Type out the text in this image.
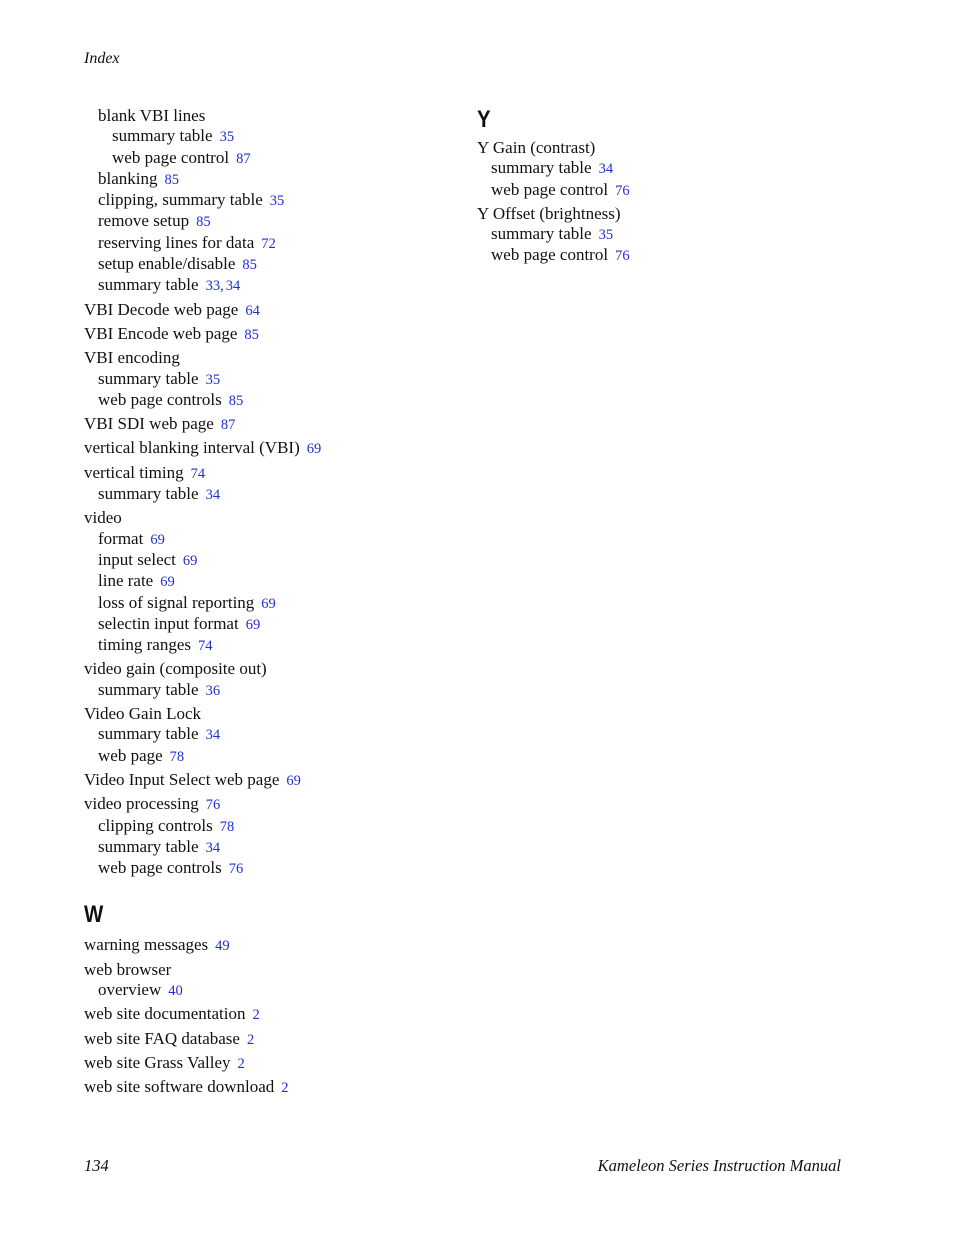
Index
blank VBI lines
summary table 35
web page control 87
blanking 85
clipping, summary table 35
remove setup 85
reserving lines for data 72
setup enable/disable 85
summary table 33, 34
VBI Decode web page 64
VBI Encode web page 85
VBI encoding
summary table 35
web page controls 85
VBI SDI web page 87
vertical blanking interval (VBI) 69
vertical timing 74
summary table 34
video
format 69
input select 69
line rate 69
loss of signal reporting 69
selectin input format 69
timing ranges 74
video gain (composite out)
summary table 36
Video Gain Lock
summary table 34
web page 78
Video Input Select web page 69
video processing 76
clipping controls 78
summary table 34
web page controls 76
W
warning messages 49
web browser
overview 40
web site documentation 2
web site FAQ database 2
web site Grass Valley 2
web site software download 2
Y
Y Gain (contrast)
summary table 34
web page control 76
Y Offset (brightness)
summary table 35
web page control 76
134	Kameleon Series Instruction Manual
